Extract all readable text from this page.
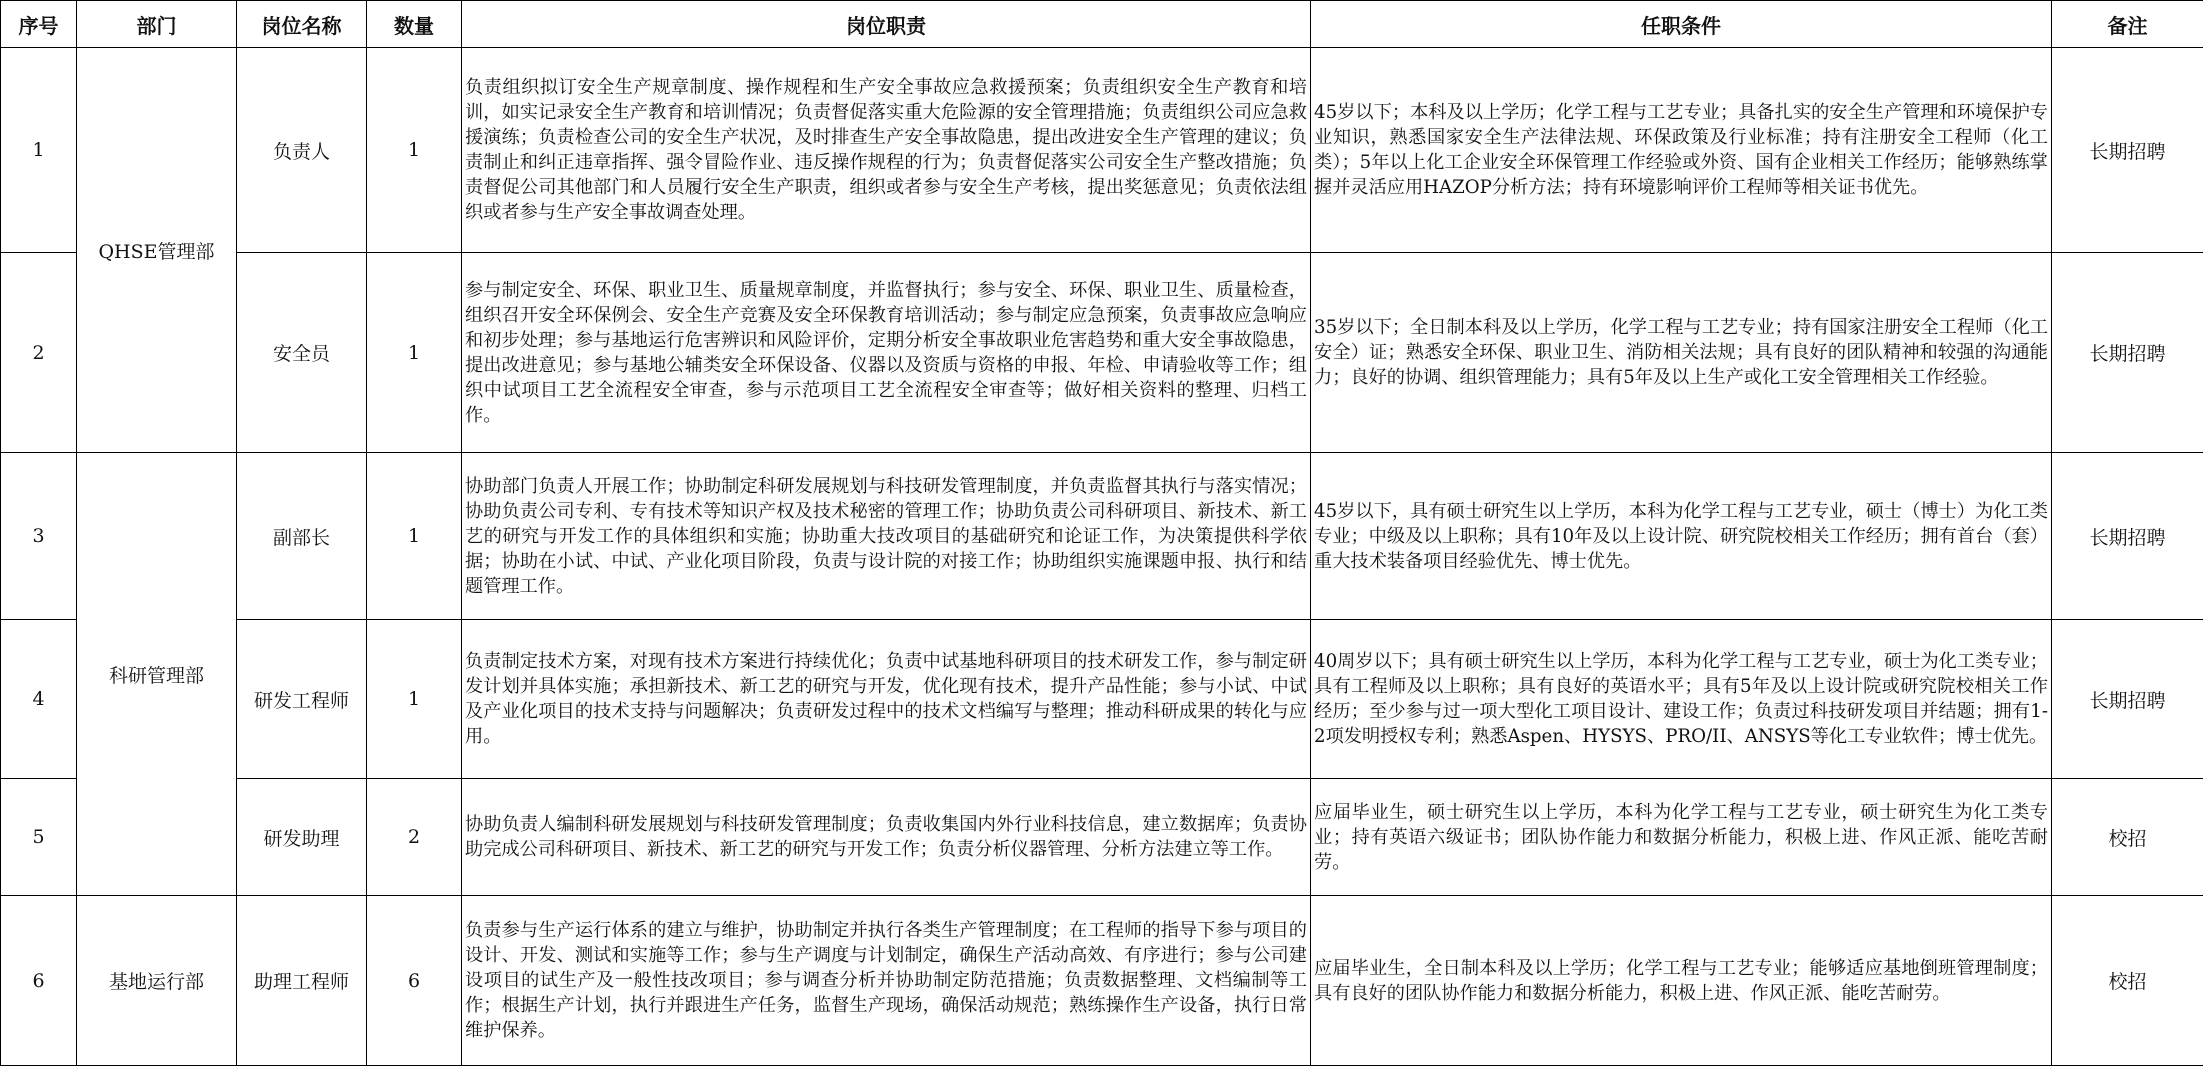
序号	部门	岗位名称	数量	岗位职责	任职条件	备注
1	QHSE管理部	负责人	1	负责组织拟订安全生产规章制度、操作规程和生产安全事故应急救援预案；负责组织安全生产教育和培训，如实记录安全生产教育和培训情况；负责督促落实重大危险源的安全管理措施；负责组织公司应急救援演练；负责检查公司的安全生产状况，及时排查生产安全事故隐患，提出改进安全生产管理的建议；负责制止和纠正违章指挥、强令冒险作业、违反操作规程的行为；负责督促落实公司安全生产整改措施；负责督促公司其他部门和人员履行安全生产职责，组织或者参与安全生产考核，提出奖惩意见；负责依法组织或者参与生产安全事故调查处理。	45岁以下；本科及以上学历；化学工程与工艺专业；具备扎实的安全生产管理和环境保护专业知识，熟悉国家安全生产法律法规、环保政策及行业标准；持有注册安全工程师（化工类）；5年以上化工企业安全环保管理工作经验或外资、国有企业相关工作经历；能够熟练掌握并灵活应用HAZOP分析方法；持有环境影响评价工程师等相关证书优先。	长期招聘
2		安全员	1	参与制定安全、环保、职业卫生、质量规章制度，并监督执行；参与安全、环保、职业卫生、质量检查，组织召开安全环保例会、安全生产竞赛及安全环保教育培训活动；参与制定应急预案，负责事故应急响应和初步处理；参与基地运行危害辨识和风险评价，定期分析安全事故职业危害趋势和重大安全事故隐患，提出改进意见；参与基地公辅类安全环保设备、仪器以及资质与资格的申报、年检、申请验收等工作；组织中试项目工艺全流程安全审查，参与示范项目工艺全流程安全审查等；做好相关资料的整理、归档工作。	35岁以下；全日制本科及以上学历，化学工程与工艺专业；持有国家注册安全工程师（化工安全）证；熟悉安全环保、职业卫生、消防相关法规；具有良好的团队精神和较强的沟通能力；良好的协调、组织管理能力；具有5年及以上生产或化工安全管理相关工作经验。	长期招聘
3	科研管理部	副部长	1	协助部门负责人开展工作；协助制定科研发展规划与科技研发管理制度，并负责监督其执行与落实情况；协助负责公司专利、专有技术等知识产权及技术秘密的管理工作；协助负责公司科研项目、新技术、新工艺的研究与开发工作的具体组织和实施；协助重大技改项目的基础研究和论证工作，为决策提供科学依据；协助在小试、中试、产业化项目阶段，负责与设计院的对接工作；协助组织实施课题申报、执行和结题管理工作。	45岁以下，具有硕士研究生以上学历，本科为化学工程与工艺专业，硕士（博士）为化工类专业；中级及以上职称；具有10年及以上设计院、研究院校相关工作经历；拥有首台（套）重大技术装备项目经验优先、博士优先。	长期招聘
4		研发工程师	1	负责制定技术方案，对现有技术方案进行持续优化；负责中试基地科研项目的技术研发工作，参与制定研发计划并具体实施；承担新技术、新工艺的研究与开发，优化现有技术，提升产品性能；参与小试、中试及产业化项目的技术支持与问题解决；负责研发过程中的技术文档编写与整理；推动科研成果的转化与应用。	40周岁以下；具有硕士研究生以上学历，本科为化学工程与工艺专业，硕士为化工类专业；具有工程师及以上职称；具有良好的英语水平；具有5年及以上设计院或研究院校相关工作经历；至少参与过一项大型化工项目设计、建设工作；负责过科技研发项目并结题；拥有1-2项发明授权专利；熟悉Aspen、HYSYS、PRO/II、ANSYS等化工专业软件；博士优先。	长期招聘
5		研发助理	2	协助负责人编制科研发展规划与科技研发管理制度；负责收集国内外行业科技信息，建立数据库；负责协助完成公司科研项目、新技术、新工艺的研究与开发工作；负责分析仪器管理、分析方法建立等工作。	应届毕业生，硕士研究生以上学历，本科为化学工程与工艺专业，硕士研究生为化工类专业；持有英语六级证书；团队协作能力和数据分析能力，积极上进、作风正派、能吃苦耐劳。	校招
6	基地运行部	助理工程师	6	负责参与生产运行体系的建立与维护，协助制定并执行各类生产管理制度；在工程师的指导下参与项目的设计、开发、测试和实施等工作；参与生产调度与计划制定，确保生产活动高效、有序进行；参与公司建设项目的试生产及一般性技改项目；参与调查分析并协助制定防范措施；负责数据整理、文档编制等工作；根据生产计划，执行并跟进生产任务，监督生产现场，确保活动规范；熟练操作生产设备，执行日常维护保养。	应届毕业生，全日制本科及以上学历；化学工程与工艺专业；能够适应基地倒班管理制度；具有良好的团队协作能力和数据分析能力，积极上进、作风正派、能吃苦耐劳。	校招
